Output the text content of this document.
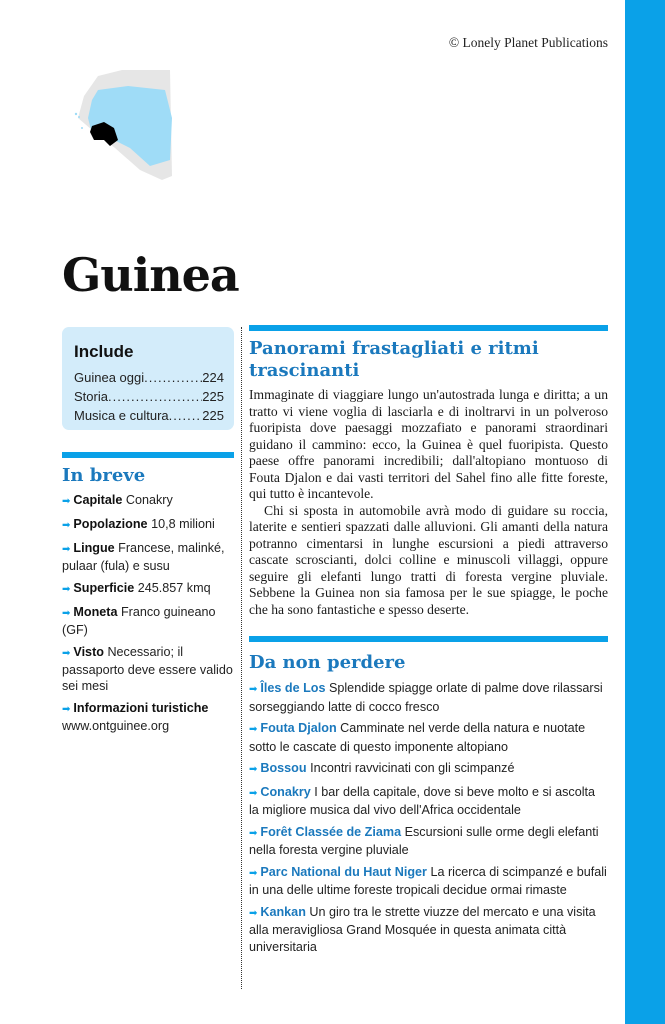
© Lonely Planet Publications
Guinea
Include
Guinea oggi .....	224
Storia .....	225
Musica e cultura .....	225
In breve
➡ Capitale Conakry
➡ Popolazione 10,8 milioni
➡ Lingue Francese, malinké, pulaar (fula) e susu
➡ Superficie 245.857 kmq
➡ Moneta Franco guineano (GF)
➡ Visto Necessario; il passaporto deve essere valido sei mesi
➡ Informazioni turistiche
www.ontguinee.org
Panorami frastagliati e ritmi trascinanti

Immaginate di viaggiare lungo un'autostrada lunga e diritta; a un tratto vi viene voglia di lasciarla e di inoltrarvi in un polveroso fuoripista dove paesaggi mozzafiato e panorami straordinari guidano il cammino: ecco, la Guinea è quel fuoripista. Questo paese offre panorami incredibili; dall'altopiano montuoso di Fouta Djalon e dai vasti territori del Sahel fino alle fitte foreste, qui tutto è incantevole.

Chi si sposta in automobile avrà modo di guidare su roccia, laterite e sentieri spazzati dalle alluvioni. Gli amanti della natura potranno cimentarsi in lunghe escursioni a piedi attraverso cascate scroscianti, dolci colline e minuscoli villaggi, oppure seguire gli elefanti lungo tratti di foresta vergine pluviale. Sebbene la Guinea non sia famosa per le sue spiagge, le poche che ha sono fantastiche e spesso deserte.

Da non perdere
➡ Îles de Los Splendide spiagge orlate di palme dove rilassarsi sorseggiando latte di cocco fresco
➡ Fouta Djalon Camminate nel verde della natura e nuotate sotto le cascate di questo imponente altopiano
➡ Bossou Incontri ravvicinati con gli scimpanzé
➡ Conakry I bar della capitale, dove si beve molto e si ascolta la migliore musica dal vivo dell'Africa occidentale
➡ Forêt Classée de Ziama Escursioni sulle orme degli elefanti nella foresta vergine pluviale
➡ Parc National du Haut Niger La ricerca di scimpanzé e bufali in una delle ultime foreste tropicali decidue ormai rimaste
➡ Kankan Un giro tra le strette viuzze del mercato e una visita alla meravigliosa Grand Mosquée in questa animata città universitaria
